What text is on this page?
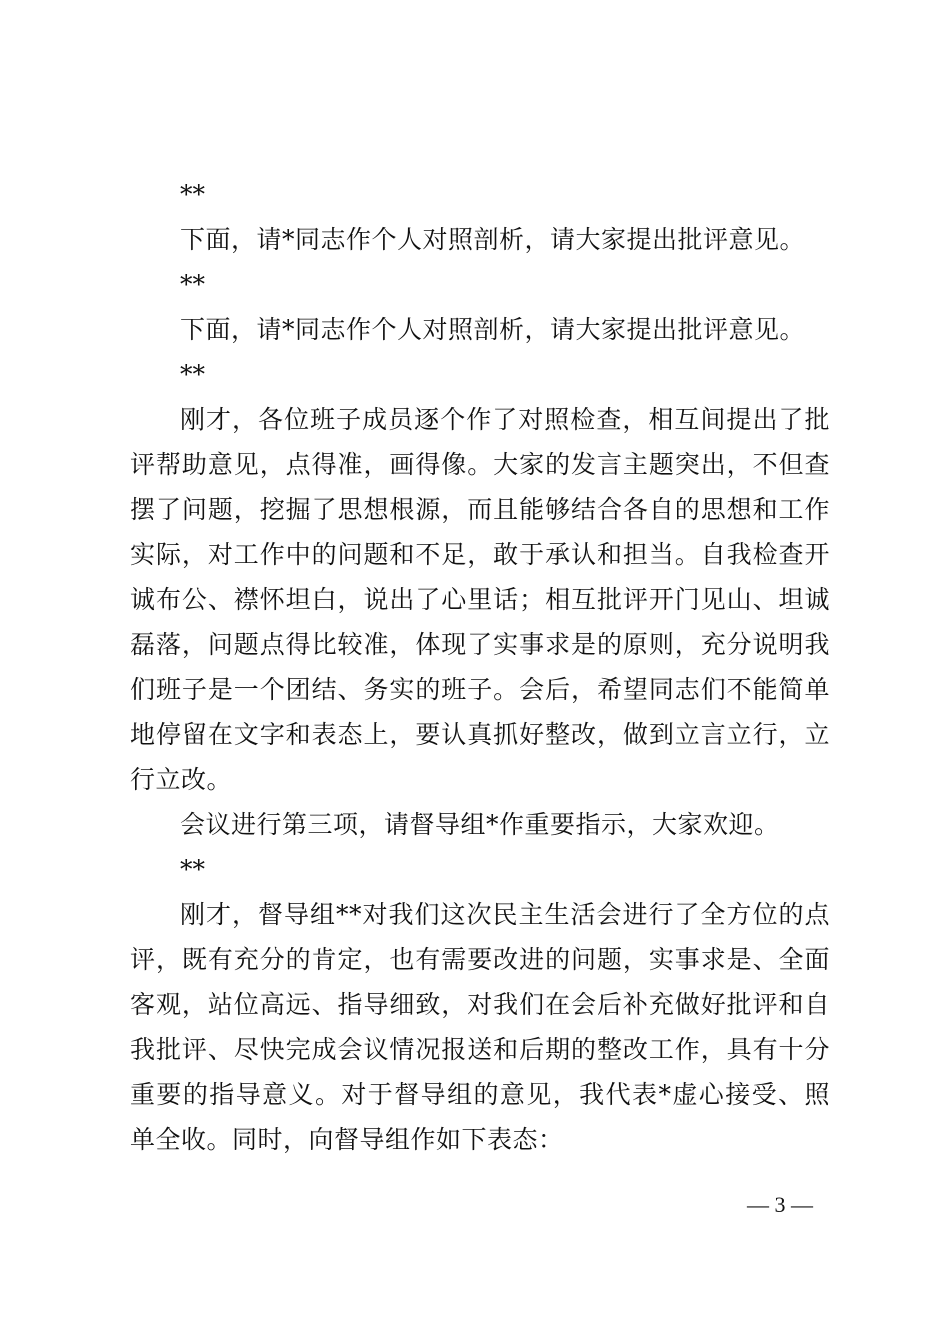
**

下面，请*同志作个人对照剖析，请大家提出批评意见。

**

下面，请*同志作个人对照剖析，请大家提出批评意见。

**

刚才，各位班子成员逐个作了对照检查，相互间提出了批评帮助意见，点得准，画得像。大家的发言主题突出，不但查摆了问题，挖掘了思想根源，而且能够结合各自的思想和工作实际，对工作中的问题和不足，敢于承认和担当。自我检查开诚布公、襟怀坦白，说出了心里话；相互批评开门见山、坦诚磊落，问题点得比较准，体现了实事求是的原则，充分说明我们班子是一个团结、务实的班子。会后，希望同志们不能简单地停留在文字和表态上，要认真抓好整改，做到立言立行，立行立改。

会议进行第三项，请督导组*作重要指示，大家欢迎。

**

刚才，督导组**对我们这次民主生活会进行了全方位的点评，既有充分的肯定，也有需要改进的问题，实事求是、全面客观，站位高远、指导细致，对我们在会后补充做好批评和自我批评、尽快完成会议情况报送和后期的整改工作，具有十分重要的指导意义。对于督导组的意见，我代表*虚心接受、照单全收。同时，向督导组作如下表态：

— 3 —
